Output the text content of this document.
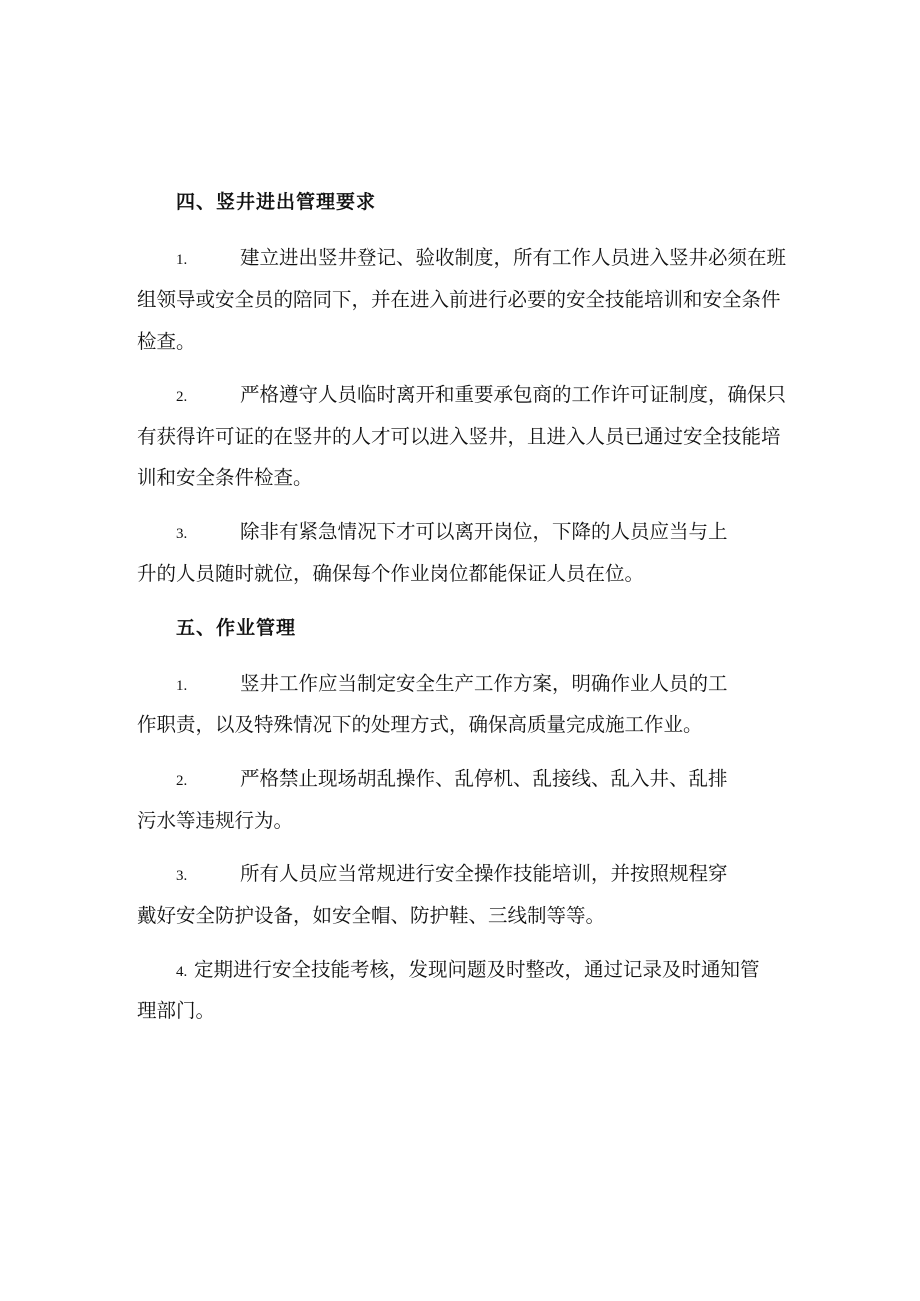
四、竖井进出管理要求
1.	建立进出竖井登记、验收制度，所有工作人员进入竖井必须在班
组领导或安全员的陪同下，并在进入前进行必要的安全技能培训和安全条件
检查。
2.	严格遵守人员临时离开和重要承包商的工作许可证制度，确保只
有获得许可证的在竖井的人才可以进入竖井，且进入人员已通过安全技能培
训和安全条件检查。
3.	除非有紧急情况下才可以离开岗位，下降的人员应当与上
升的人员随时就位，确保每个作业岗位都能保证人员在位。
五、作业管理
1.	竖井工作应当制定安全生产工作方案，明确作业人员的工
作职责，以及特殊情况下的处理方式，确保高质量完成施工作业。
2.	严格禁止现场胡乱操作、乱停机、乱接线、乱入井、乱排
污水等违规行为。
3.	所有人员应当常规进行安全操作技能培训，并按照规程穿
戴好安全防护设备，如安全帽、防护鞋、三线制等等。
4. 定期进行安全技能考核，发现问题及时整改，通过记录及时通知管
理部门。
